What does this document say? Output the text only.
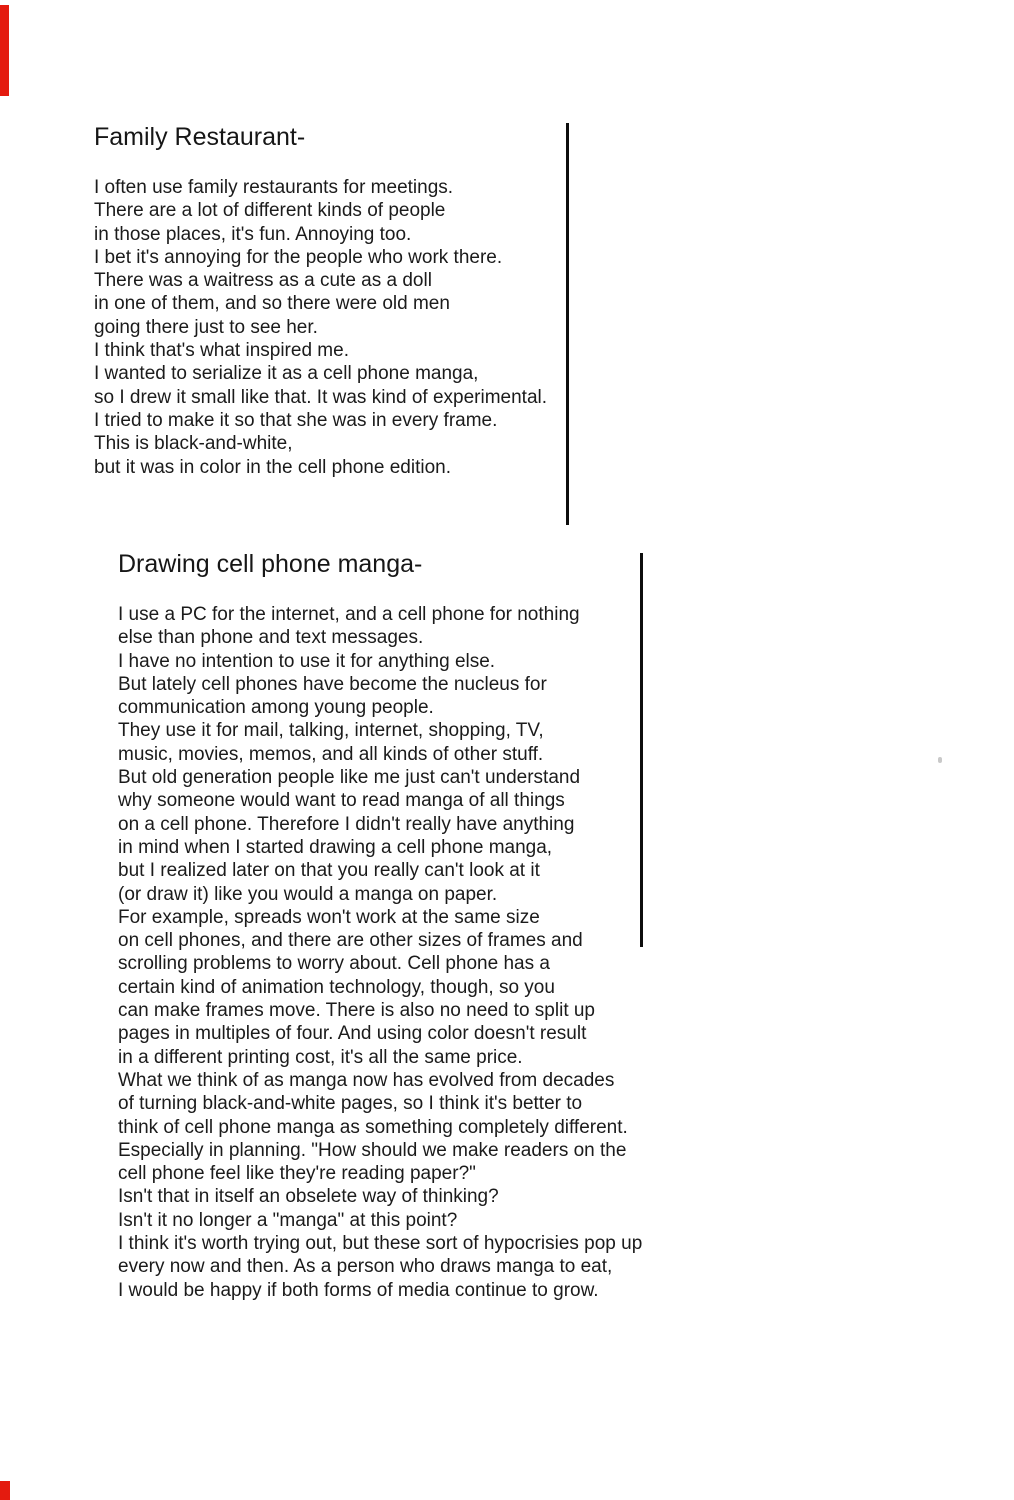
Family Restaurant-
I often use family restaurants for meetings.
There are a lot of different kinds of people
in those places, it's fun. Annoying too.
I bet it's annoying for the people who work there.
There was a waitress as a cute as a doll
in one of them, and so there were old men
going there just to see her.
I think that's what inspired me.
I wanted to serialize it as a cell phone manga,
so I drew it small like that. It was kind of experimental.
I tried to make it so that she was in every frame.
This is black-and-white,
but it was in color in the cell phone edition.
Drawing cell phone manga-
I use a PC for the internet, and a cell phone for nothing
else than phone and text messages.
I have no intention to use it for anything else.
But lately cell phones have become the nucleus for
communication among young people.
They use it for mail, talking, internet, shopping, TV,
music, movies, memos, and all kinds of other stuff.
But old generation people like me just can't understand
why someone would want to read manga of all things
on a cell phone. Therefore I didn't really have anything
in mind when I started drawing a cell phone manga,
but I realized later on that you really can't look at it
(or draw it) like you would a manga on paper.
For example, spreads won't work at the same size
on cell phones, and there are other sizes of frames and
scrolling problems to worry about. Cell phone has a
certain kind of animation technology, though, so you
can make frames move. There is also no need to split up
pages in multiples of four. And using color doesn't result
in a different printing cost, it's all the same price.
What we think of as manga now has evolved from decades
of turning black-and-white pages, so I think it's better to
think of cell phone manga as something completely different.
Especially in planning. "How should we make readers on the
cell phone feel like they're reading paper?"
Isn't that in itself an obselete way of thinking?
Isn't it no longer a "manga" at this point?
I think it's worth trying out, but these sort of hypocrisies pop up
every now and then. As a person who draws manga to eat,
I would be happy if both forms of media continue to grow.
